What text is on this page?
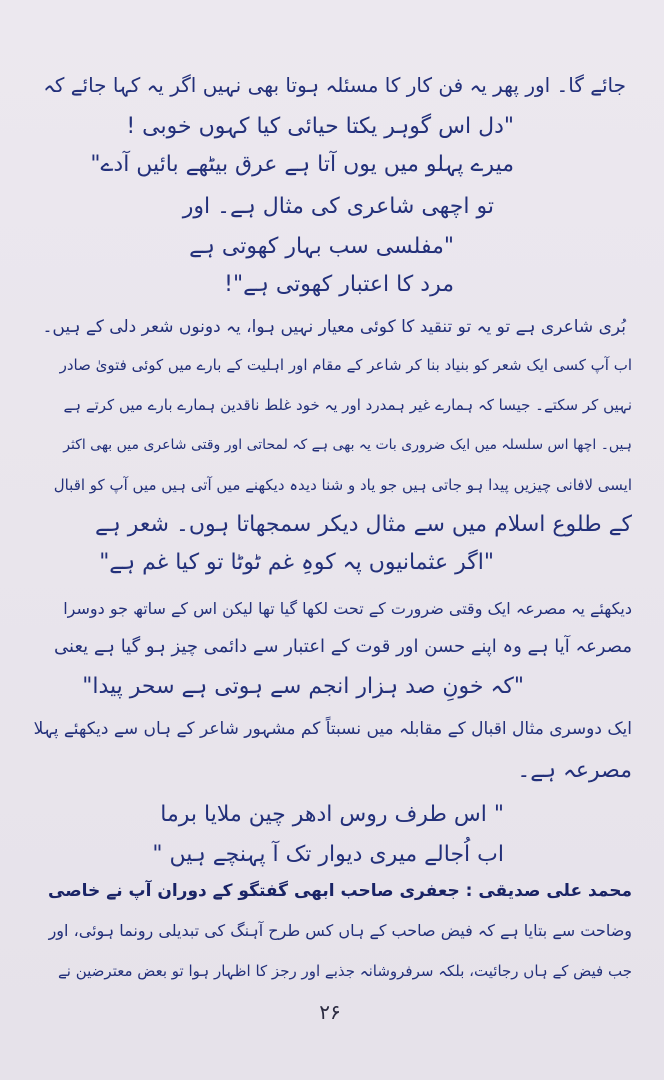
جائے گا۔ اور پھر یہ فن کار کا مسئلہ ہوتا بھی نہیں اگر یہ کہا جائے کہ
"دل اس گوہر یکتا حیائی کیا کہوں خوبی !
میرے پہلو میں یوں آتا ہے عرق بیٹھے بائیں آدے"
تو اچھی شاعری کی مثال ہے۔ اور
"مفلسی سب بہار کھوتی ہے
مرد کا اعتبار کھوتی ہے"!
بُری شاعری ہے تو یہ تو تنقید کا کوئی معیار نہیں ہوا، یہ دونوں شعر دلی کے ہیں۔
اب آپ کسی ایک شعر کو بنیاد بنا کر شاعر کے مقام اور اہلیت کے بارے میں کوئی فتویٰ صادر
نہیں کر سکتے۔ جیسا کہ ہمارے غیر ہمدرد اور یہ خود غلط ناقدین ہمارے بارے میں کرتے ہے
ہیں۔ اچھا اس سلسلہ میں ایک ضروری بات یہ بھی ہے کہ لمحاتی اور وقتی شاعری میں بھی اکثر
ایسی لافانی چیزیں پیدا ہو جاتی ہیں جو یاد و شنا دیدہ دیکھنے میں آتی ہیں میں آپ کو اقبال
کے طلوع اسلام میں سے مثال دیکر سمجھاتا ہوں۔ شعر ہے
"اگر عثمانیوں پہ کوہِ غم ٹوٹا تو کیا غم ہے"
دیکھئے یہ مصرعہ ایک وقتی ضرورت کے تحت لکھا گیا تھا لیکن اس کے ساتھ جو دوسرا
مصرعہ آیا ہے وہ اپنے حسن اور قوت کے اعتبار سے دائمی چیز ہو گیا ہے یعنی
"کہ خونِ صد ہزار انجم سے ہوتی ہے سحر پیدا"
ایک دوسری مثال اقبال کے مقابلہ میں نسبتاً کم مشہور شاعر کے ہاں سے دیکھئے پہلا
مصرعہ ہے۔
" اس طرف روس ادھر چین ملایا برما
اب اُجالے میری دیوار تک آ پہنچے ہیں "
محمد علی صدیقی : جعفری صاحب ابھی گفتگو کے دوران آپ نے خاصی
وضاحت سے بتایا ہے کہ فیض صاحب کے ہاں کس طرح آہنگ کی تبدیلی رونما ہوئی، اور
جب فیض کے ہاں رجائیت، بلکہ سرفروشانہ جذبے اور رجز کا اظہار ہوا تو بعض معترضین نے
۲۶
